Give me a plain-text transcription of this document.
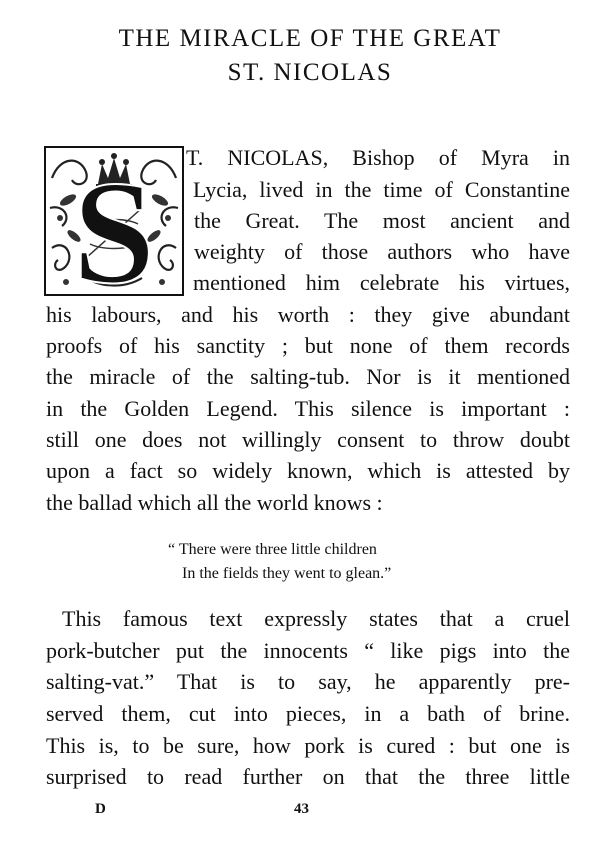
THE MIRACLE OF THE GREAT
ST. NICOLAS
S T. NICOLAS, Bishop of Myra in

Lycia, lived in the time of Constantine

the Great. The most ancient and

weighty of those authors who have

mentioned him celebrate his virtues,

his labours, and his worth : they give abundant

proofs of his sanctity ; but none of them records

the miracle of the salting-tub. Nor is it mentioned

in the Golden Legend. This silence is important :

still one does not willingly consent to throw doubt

upon a fact so widely known, which is attested by

the ballad which all the world knows :

“ There were three little children

In the fields they went to glean.”

This famous text expressly states that a cruel

pork-butcher put the innocents “ like pigs into the

salting-vat.” That is to say, he apparently pre-

served them, cut into pieces, in a bath of brine.

This is, to be sure, how pork is cured : but one is

surprised to read further on that the three little

D	43
